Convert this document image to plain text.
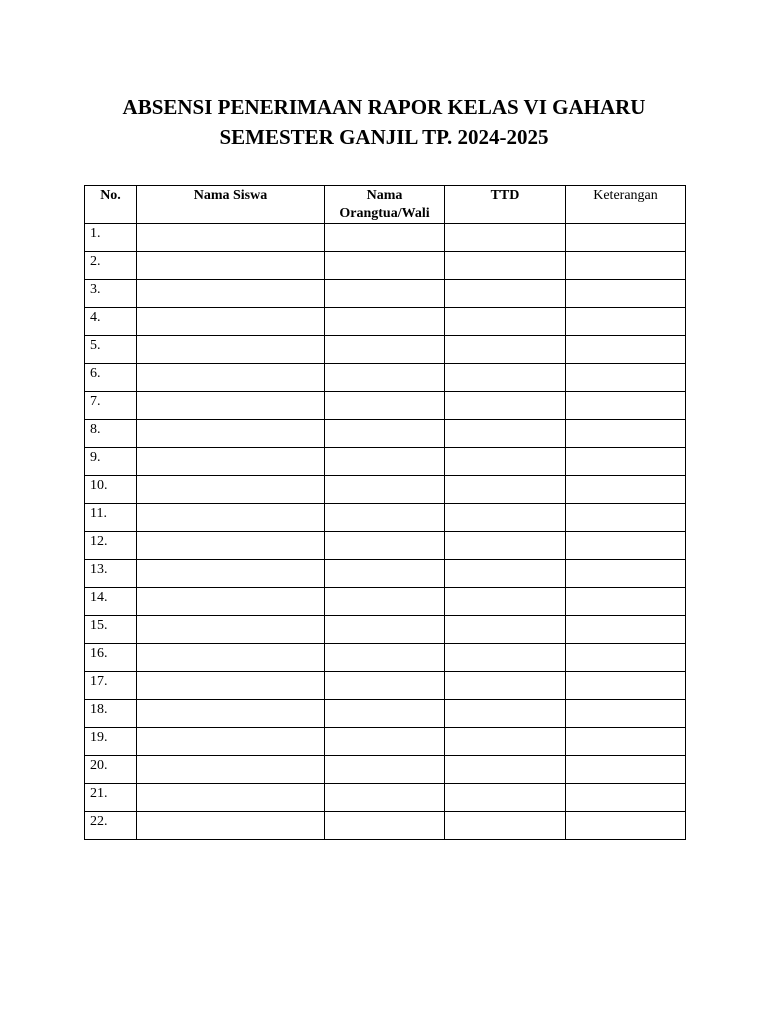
ABSENSI PENERIMAAN RAPOR KELAS VI GAHARU
SEMESTER GANJIL TP. 2024-2025
No.	Nama Siswa	Nama Orangtua/Wali	TTD	Keterangan
1.				
2.				
3.				
4.				
5.				
6.				
7.				
8.				
9.				
10.				
11.				
12.				
13.				
14.				
15.				
16.				
17.				
18.				
19.				
20.				
21.				
22.				
